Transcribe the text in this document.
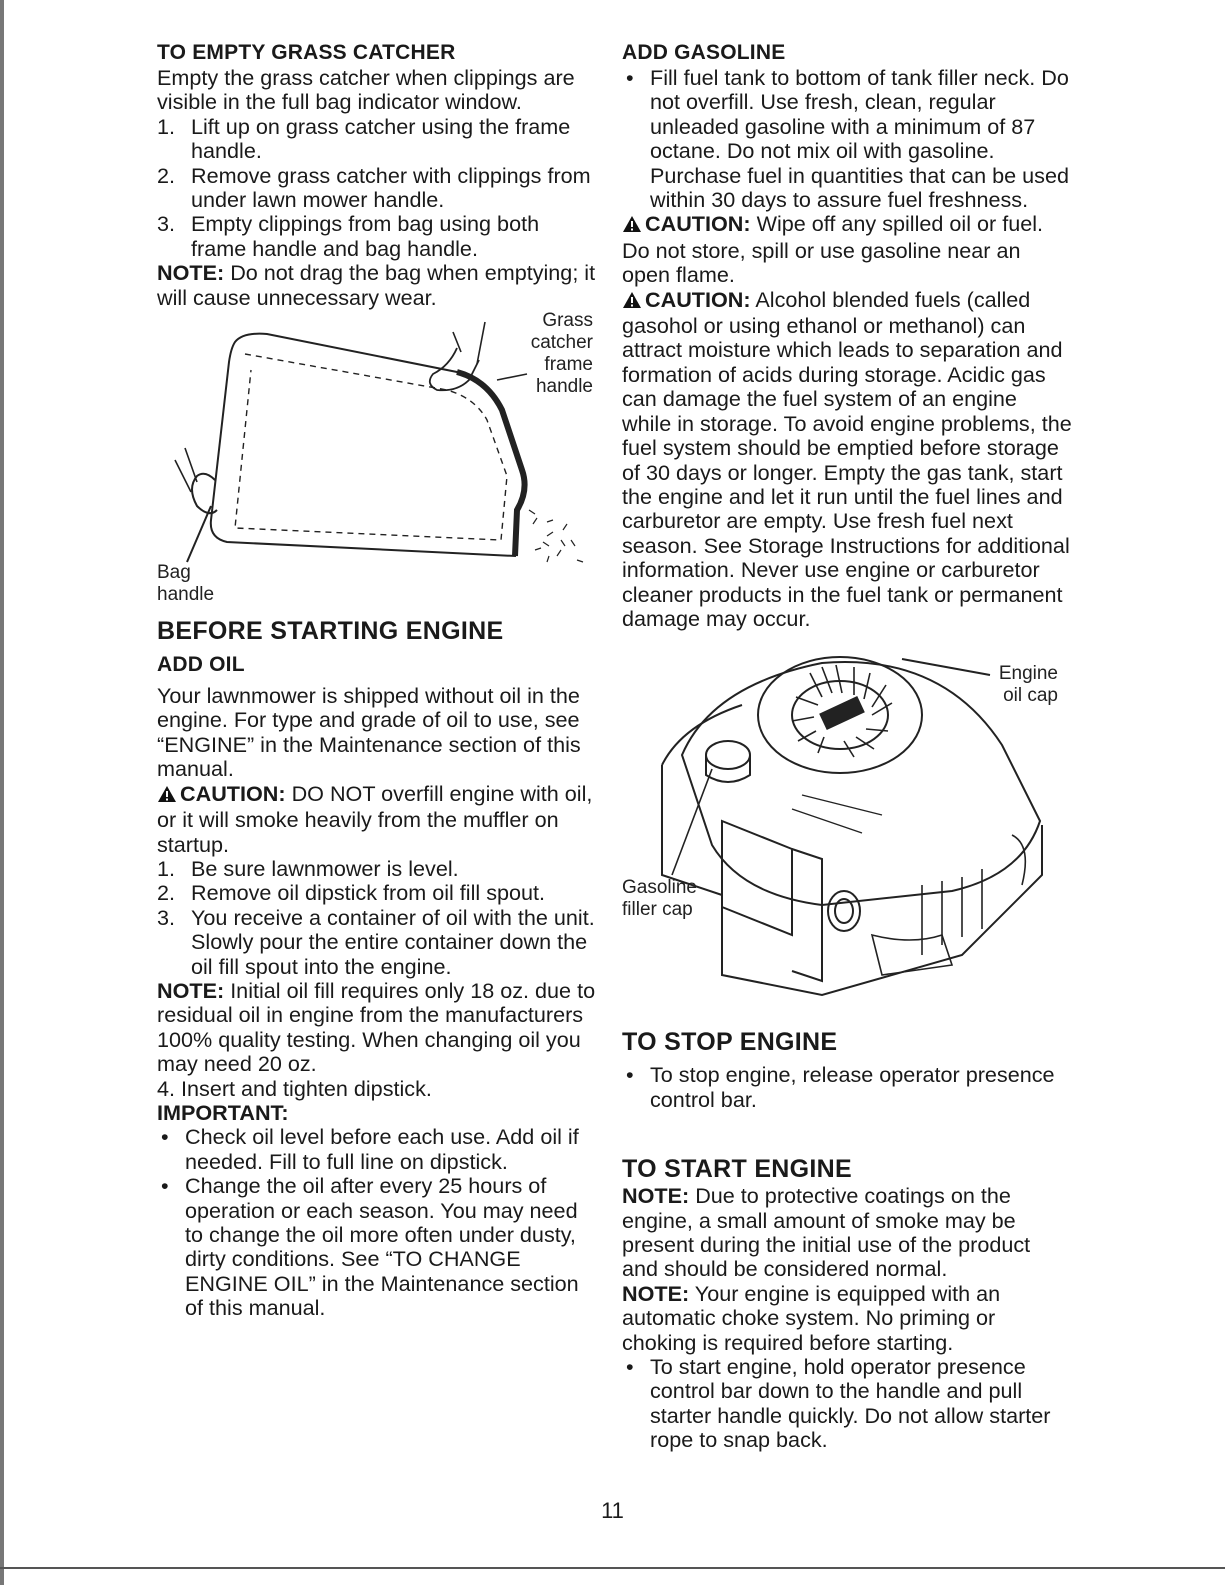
TO EMPTY GRASS CATCHER

Empty the grass catcher when clippings are visible in the full bag indicator window.

1. Lift up on grass catcher using the frame handle.
2. Remove grass catcher with clippings from under lawn mower handle.
3. Empty clippings from bag using both frame handle and bag handle.

NOTE: Do not drag the bag when emptying; it will cause unnecessary wear.

Grass catcher frame handle
Bag handle
BEFORE STARTING ENGINE
ADD OIL

Your lawnmower is shipped without oil in the engine. For type and grade of oil to use, see “ENGINE” in the Maintenance section of this manual.

CAUTION: DO NOT overfill engine with oil, or it will smoke heavily from the muffler on startup.

1. Be sure lawnmower is level.
2. Remove oil dipstick from oil fill spout.
3. You receive a container of oil with the unit. Slowly pour the entire container down the oil fill spout into the engine.

NOTE: Initial oil fill requires only 18 oz. due to residual oil in engine from the manufacturers 100% quality testing. When changing oil you may need 20 oz.

4. Insert and tighten dipstick.

IMPORTANT:

• Check oil level before each use. Add oil if needed. Fill to full line on dipstick.
• Change the oil after every 25 hours of operation or each season. You may need to change the oil more often under dusty, dirty conditions. See “TO CHANGE ENGINE OIL” in the Maintenance section of this manual.
ADD GASOLINE
• Fill fuel tank to bottom of tank filler neck. Do not overfill. Use fresh, clean, regular unleaded gasoline with a minimum of 87 octane. Do not mix oil with gasoline. Purchase fuel in quantities that can be used within 30 days to assure fuel freshness.

CAUTION: Wipe off any spilled oil or fuel. Do not store, spill or use gasoline near an open flame.

CAUTION: Alcohol blended fuels (called gasohol or using ethanol or methanol) can attract moisture which leads to separation and formation of acids during storage. Acidic gas can damage the fuel system of an engine while in storage. To avoid engine problems, the fuel system should be emptied before storage of 30 days or longer. Empty the gas tank, start the engine and let it run until the fuel lines and carburetor are empty. Use fresh fuel next season. See Storage Instructions for additional information. Never use engine or carburetor cleaner products in the fuel tank or permanent damage may occur.

Engine oil cap
Gasoline filler cap
TO STOP ENGINE
• To stop engine, release operator presence control bar.
TO START ENGINE

NOTE: Due to protective coatings on the engine, a small amount of smoke may be present during the initial use of the product and should be considered normal.

NOTE: Your engine is equipped with an automatic choke system. No priming or choking is required before starting.

• To start engine, hold operator presence control bar down to the handle and pull starter handle quickly. Do not allow starter rope to snap back.
11
